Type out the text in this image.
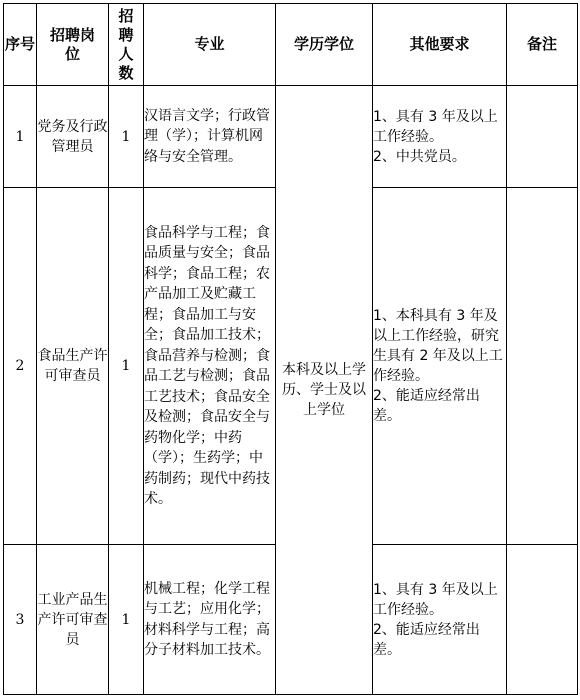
序号	招聘岗位	招聘人数	专业	学历学位	其他要求	备注
1	党务及行政管理员	1	汉语言文学；行政管理（学）；计算机网络与安全管理。	本科及以上学历、学士及以上学位	1、具有 3 年及以上工作经验。
2、中共党员。	

2	食品生产许可审查员	1	食品科学与工程；食品质量与安全；食品科学；食品工程；农产品加工及贮藏工程；食品加工与安全；食品加工技术；食品营养与检测；食品工艺与检测；食品工艺技术；食品安全及检测；食品安全与药物化学；中药（学）；生药学；中药制药；现代中药技术。		1、本科具有 3 年及以上工作经验，研究生具有 2 年及以上工作经验。
2、能适应经常出差。	

3	工业产品生产许可审查员	1	机械工程；化学工程与工艺；应用化学；材料科学与工程；高分子材料加工技术。		1、具有 3 年及以上工作经验。
2、能适应经常出差。	
